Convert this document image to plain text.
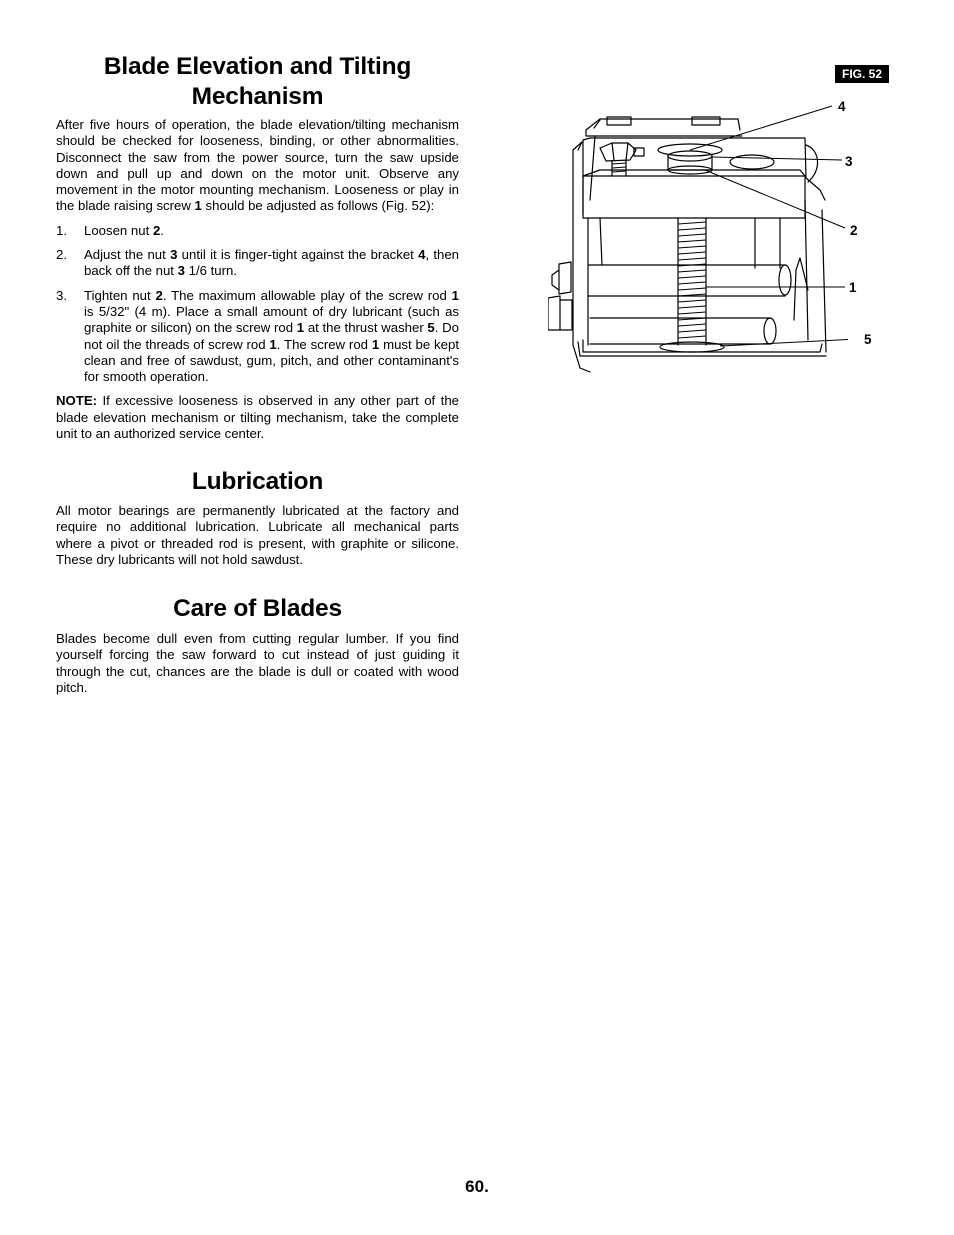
Blade Elevation and Tilting
Mechanism

After five hours of operation, the blade elevation/tilting mechanism should be checked for looseness, binding, or other abnormalities. Disconnect the saw from the power source, turn the saw upside down and pull up and down on the motor unit. Observe any movement in the motor mounting mechanism. Looseness or play in the blade raising screw 1 should be adjusted as follows (Fig. 52):

1.	Loosen nut 2.
2.	Adjust the nut 3 until it is finger-tight against the bracket 4, then back off the nut 3 1/6 turn.
3.	Tighten nut 2. The maximum allowable play of the screw rod 1 is 5/32" (4 m). Place a small amount of dry lubricant (such as graphite or silicon) on the screw rod 1 at the thrust washer 5. Do not oil the threads of screw rod 1. The screw rod 1 must be kept clean and free of sawdust, gum, pitch, and other contaminant's for smooth operation.

NOTE: If excessive looseness is observed in any other part of the blade elevation mechanism or tilting mechanism, take the complete unit to an authorized service center.

Lubrication

All motor bearings are permanently lubricated at the factory and require no additional lubrication. Lubricate all mechanical parts where a pivot or threaded rod is present, with graphite or silicone. These dry lubricants will not hold sawdust.

Care of Blades

Blades become dull even from cutting regular lumber. If you find yourself forcing the saw forward to cut instead of just guiding it through the cut, chances are the blade is dull or coated with wood pitch.

FIG. 52
4
3
2
1
5
60.
